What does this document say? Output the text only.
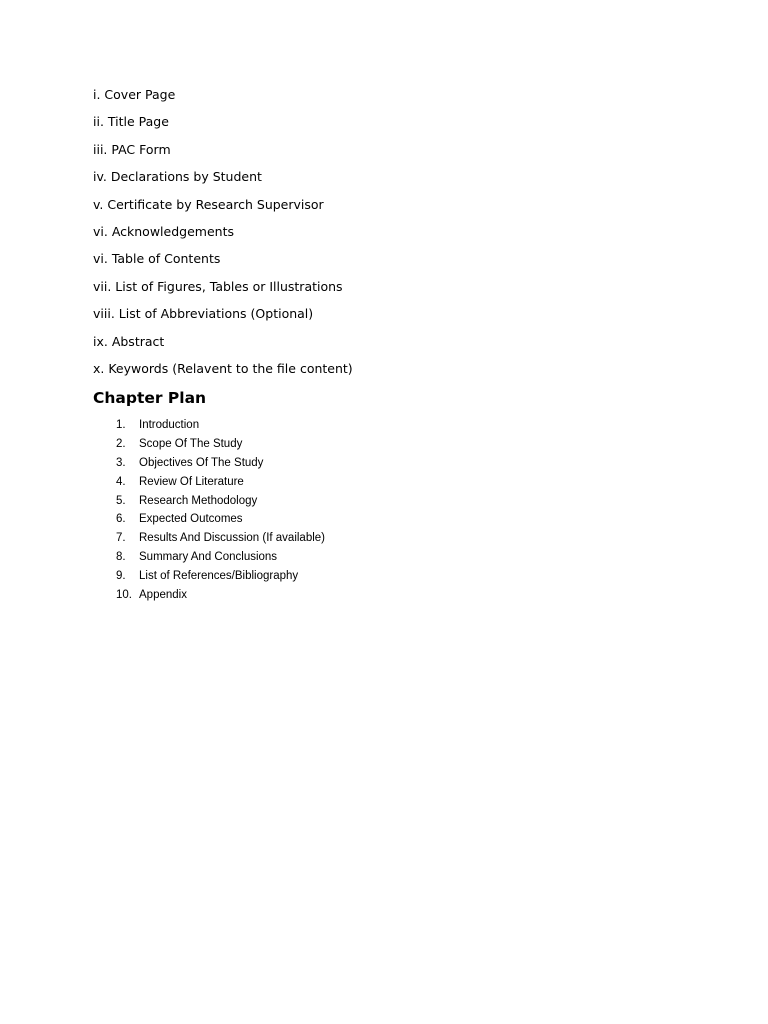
i. Cover Page
ii. Title Page
iii. PAC Form
iv. Declarations by Student
v. Certificate by Research Supervisor
vi. Acknowledgements
vi. Table of Contents
vii. List of Figures, Tables or Illustrations
viii. List of Abbreviations (Optional)
ix. Abstract
x. Keywords (Relavent to the file content)
Chapter Plan
1.	Introduction
2.	Scope Of The Study
3.	Objectives Of The Study
4.	Review Of Literature
5.	Research Methodology
6.	Expected Outcomes
7.	Results And Discussion (If available)
8.	Summary And Conclusions
9.	List of References/Bibliography
10. Appendix
